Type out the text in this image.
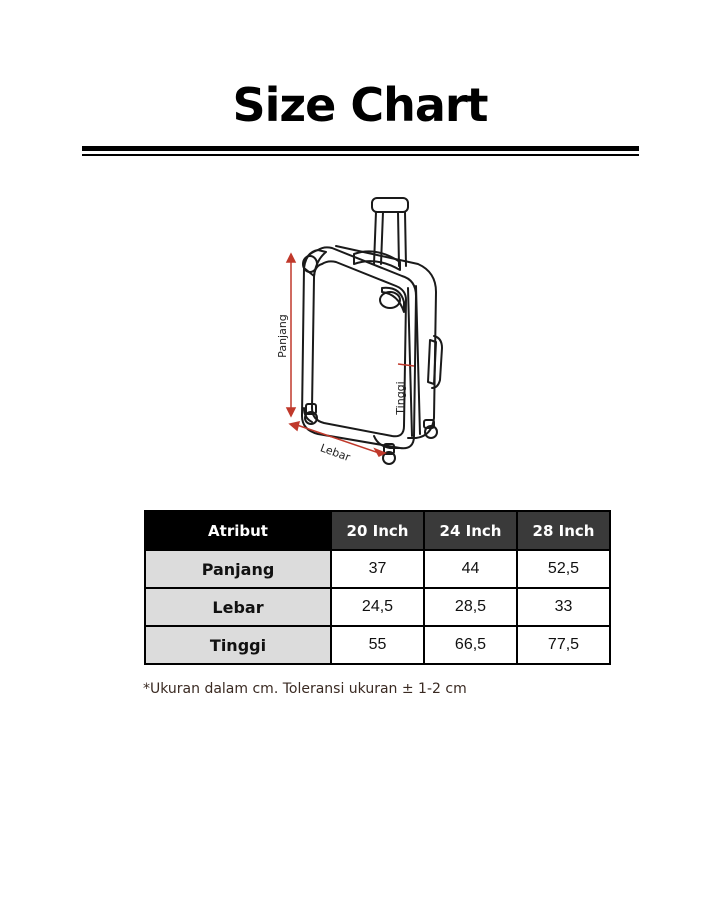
Size Chart
Panjang
Tinggi
Lebar
Atribut	20 Inch	24 Inch	28 Inch
Panjang	37	44	52,5
Lebar	24,5	28,5	33
Tinggi	55	66,5	77,5
*Ukuran dalam cm. Toleransi ukuran ± 1-2 cm
